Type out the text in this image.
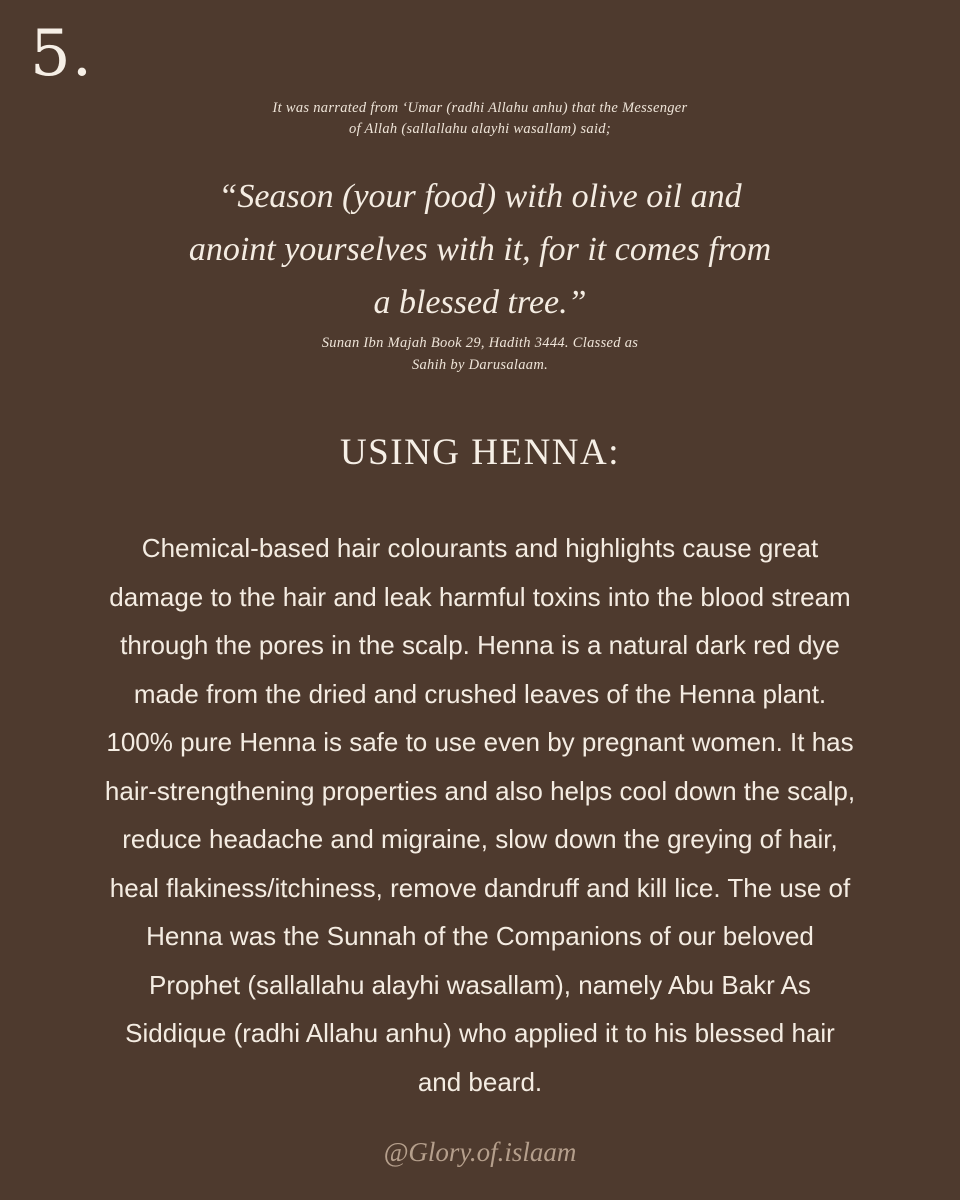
5.
It was narrated from ‘Umar (radhi Allahu anhu) that the Messenger
of Allah (sallallahu alayhi wasallam) said;
“Season (your food) with olive oil and
anoint yourselves with it, for it comes from
a blessed tree.”
Sunan Ibn Majah Book 29, Hadith 3444. Classed as
Sahih by Darusalaam.
USING HENNA:
Chemical-based hair colourants and highlights cause great
damage to the hair and leak harmful toxins into the blood stream
through the pores in the scalp. Henna is a natural dark red dye
made from the dried and crushed leaves of the Henna plant.
100% pure Henna is safe to use even by pregnant women. It has
hair-strengthening properties and also helps cool down the scalp,
reduce headache and migraine, slow down the greying of hair,
heal flakiness/itchiness, remove dandruff and kill lice. The use of
Henna was the Sunnah of the Companions of our beloved
Prophet (sallallahu alayhi wasallam), namely Abu Bakr As
Siddique (radhi Allahu anhu) who applied it to his blessed hair
and beard.
@Glory.of.islaam
